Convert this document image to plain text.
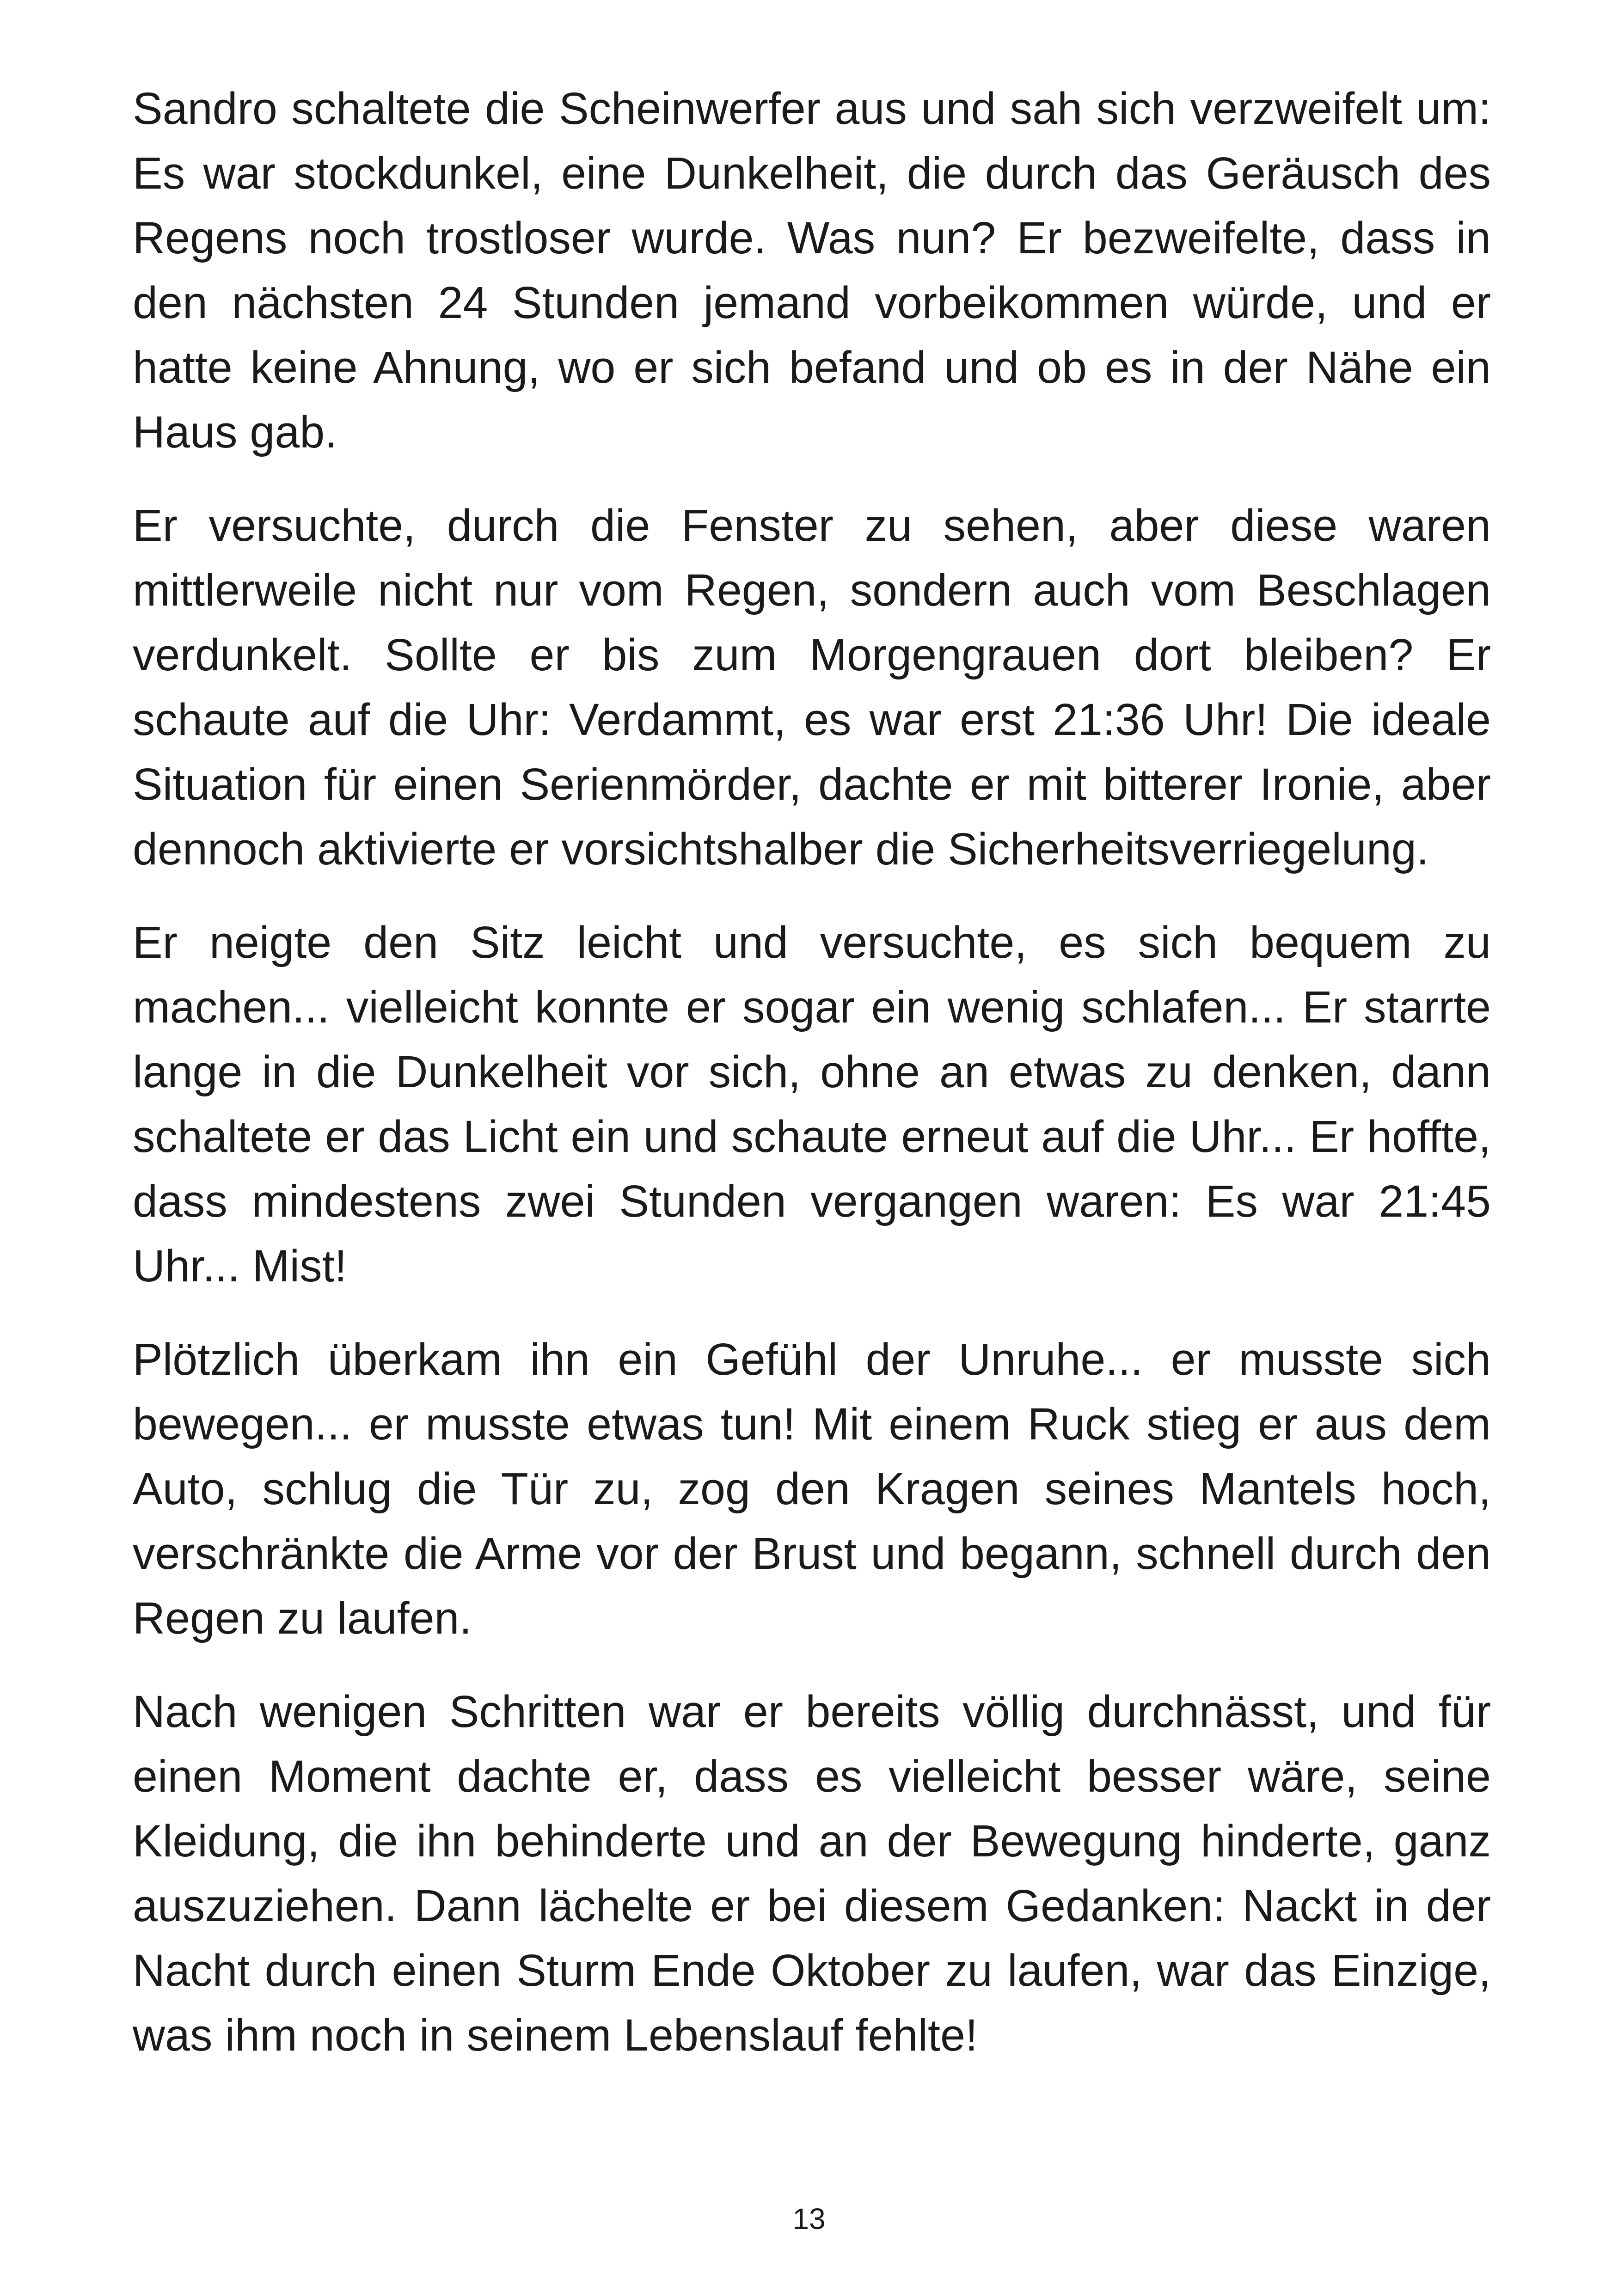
Sandro schaltete die Scheinwerfer aus und sah sich verzweifelt um: Es war stockdunkel, eine Dunkelheit, die durch das Geräusch des Regens noch trostloser wurde. Was nun? Er bezweifelte, dass in den nächsten 24 Stunden jemand vorbeikommen würde, und er hatte keine Ahnung, wo er sich befand und ob es in der Nähe ein Haus gab.

Er versuchte, durch die Fenster zu sehen, aber diese waren mittlerweile nicht nur vom Regen, sondern auch vom Beschlagen verdunkelt. Sollte er bis zum Morgengrauen dort bleiben? Er schaute auf die Uhr: Verdammt, es war erst 21:36 Uhr! Die ideale Situation für einen Serienmörder, dachte er mit bitterer Ironie, aber dennoch aktivierte er vorsichtshalber die Sicherheitsverriegelung.

Er neigte den Sitz leicht und versuchte, es sich bequem zu machen... vielleicht konnte er sogar ein wenig schlafen... Er starrte lange in die Dunkelheit vor sich, ohne an etwas zu denken, dann schaltete er das Licht ein und schaute erneut auf die Uhr... Er hoffte, dass mindestens zwei Stunden vergangen waren: Es war 21:45 Uhr... Mist!

Plötzlich überkam ihn ein Gefühl der Unruhe... er musste sich bewegen... er musste etwas tun! Mit einem Ruck stieg er aus dem Auto, schlug die Tür zu, zog den Kragen seines Mantels hoch, verschränkte die Arme vor der Brust und begann, schnell durch den Regen zu laufen.

Nach wenigen Schritten war er bereits völlig durchnässt, und für einen Moment dachte er, dass es vielleicht besser wäre, seine Kleidung, die ihn behinderte und an der Bewegung hinderte, ganz auszuziehen. Dann lächelte er bei diesem Gedanken: Nackt in der Nacht durch einen Sturm Ende Oktober zu laufen, war das Einzige, was ihm noch in seinem Lebenslauf fehlte!

13
